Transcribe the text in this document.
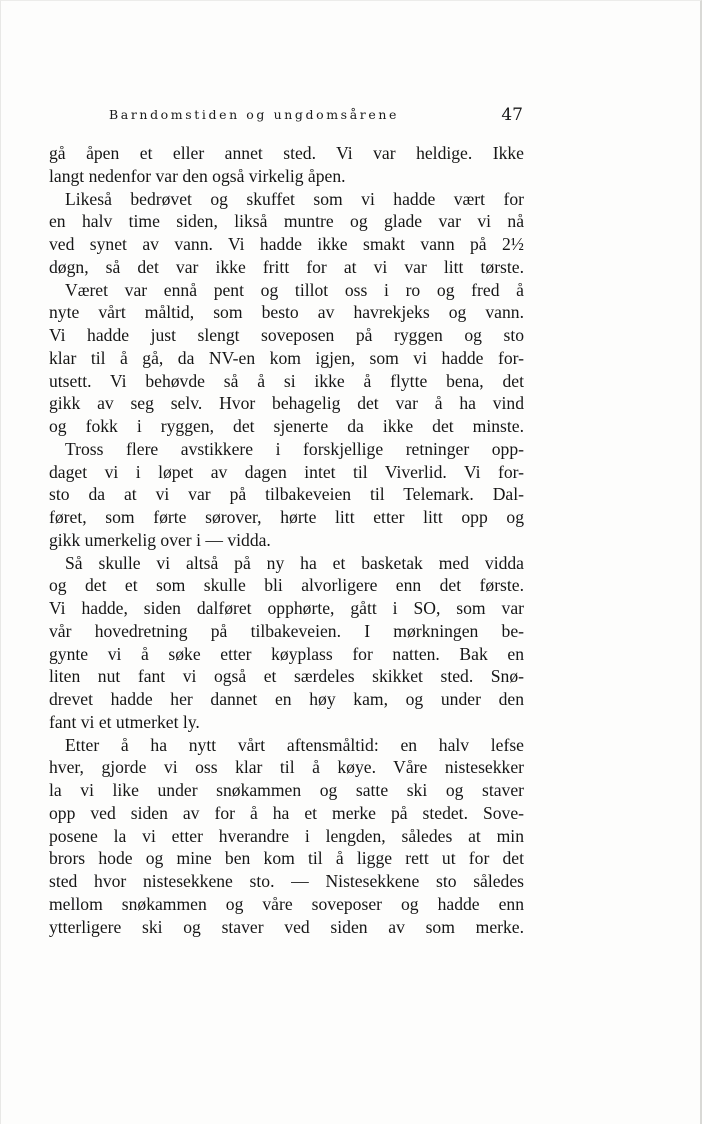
Barndomstiden og ungdomsårene	47
gå åpen et eller annet sted. Vi var heldige. Ikke
langt nedenfor var den også virkelig åpen.
Likeså bedrøvet og skuffet som vi hadde vært for
en halv time siden, likså muntre og glade var vi nå
ved synet av vann. Vi hadde ikke smakt vann på 2½
døgn, så det var ikke fritt for at vi var litt tørste.
Været var ennå pent og tillot oss i ro og fred å
nyte vårt måltid, som besto av havrekjeks og vann.
Vi hadde just slengt soveposen på ryggen og sto
klar til å gå, da NV-en kom igjen, som vi hadde for-
utsett. Vi behøvde så å si ikke å flytte bena, det
gikk av seg selv. Hvor behagelig det var å ha vind
og fokk i ryggen, det sjenerte da ikke det minste.
Tross flere avstikkere i forskjellige retninger opp-
daget vi i løpet av dagen intet til Viverlid. Vi for-
sto da at vi var på tilbakeveien til Telemark. Dal-
føret, som førte sørover, hørte litt etter litt opp og
gikk umerkelig over i — vidda.
Så skulle vi altså på ny ha et basketak med vidda
og det et som skulle bli alvorligere enn det første.
Vi hadde, siden dalføret opphørte, gått i SO, som var
vår hovedretning på tilbakeveien. I mørkningen be-
gynte vi å søke etter køyplass for natten. Bak en
liten nut fant vi også et særdeles skikket sted. Snø-
drevet hadde her dannet en høy kam, og under den
fant vi et utmerket ly.
Etter å ha nytt vårt aftensmåltid: en halv lefse
hver, gjorde vi oss klar til å køye. Våre nistesekker
la vi like under snøkammen og satte ski og staver
opp ved siden av for å ha et merke på stedet. Sove-
posene la vi etter hverandre i lengden, således at min
brors hode og mine ben kom til å ligge rett ut for det
sted hvor nistesekkene sto. — Nistesekkene sto således
mellom snøkammen og våre soveposer og hadde enn
ytterligere ski og staver ved siden av som merke.
